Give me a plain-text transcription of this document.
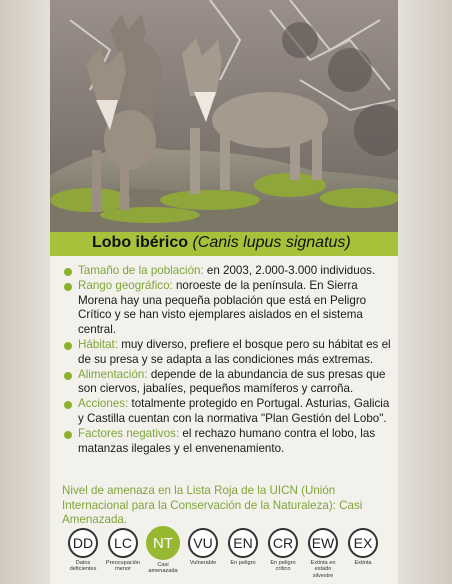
Lobo ibérico (Canis lupus signatus)
Tamaño de la población: en 2003, 2.000-3.000 individuos.
Rango geográfico: noroeste de la península. En Sierra Morena hay una pequeña población que está en Peligro Crítico y se han visto ejemplares aislados en el sistema central.
Hábitat: muy diverso, prefiere el bosque pero su hábitat es el de su presa y se adapta a las condiciones más extremas.
Alimentación: depende de la abundancia de sus presas que son ciervos, jabalíes, pequeños mamíferos y carroña.
Acciones: totalmente protegido en Portugal. Asturias, Galicia y Castilla cuentan con la normativa "Plan Gestión del Lobo".
Factores negativos: el rechazo humano contra el lobo, las matanzas ilegales y el envenenamiento.
Nivel de amenaza en la Lista Roja de la UICN (Unión Internacional para la Conservación de la Naturaleza): Casi Amenazada.
DD
Datos deficientes
LC
Preocupación menor
NT
Casi amenazada
VU
Vulnerable
EN
En peligro
CR
En peligro crítico
EW
Extinta en estado silvestre
EX
Extinta
